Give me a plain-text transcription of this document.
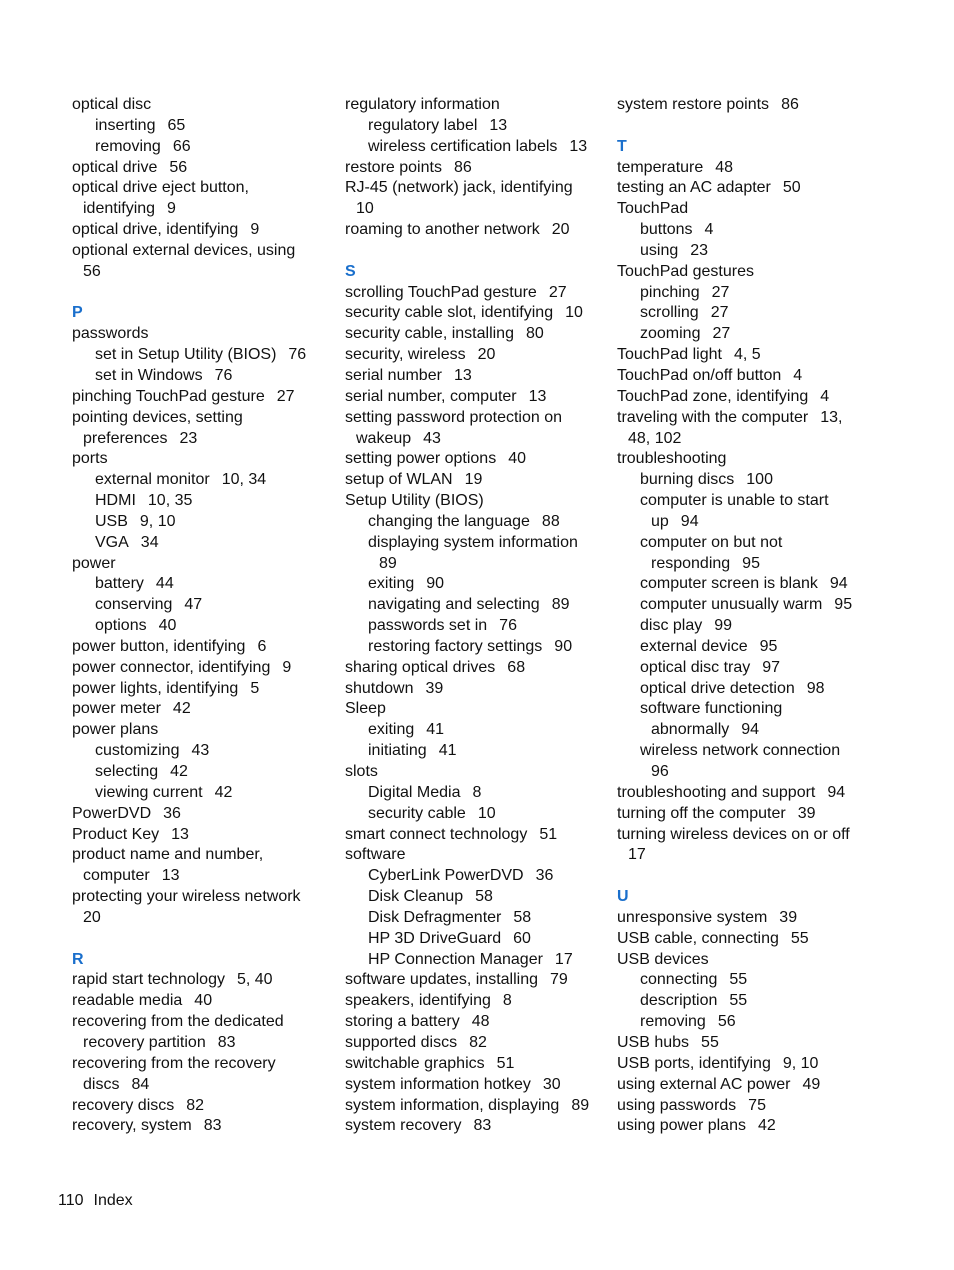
optical disc
inserting 65
removing 66
optical drive 56
optical drive eject button,
identifying 9
optical drive, identifying 9
optional external devices, using
56
P
passwords
set in Setup Utility (BIOS) 76
set in Windows 76
pinching TouchPad gesture 27
pointing devices, setting
preferences 23
ports
external monitor 10, 34
HDMI 10, 35
USB 9, 10
VGA 34
power
battery 44
conserving 47
options 40
power button, identifying 6
power connector, identifying 9
power lights, identifying 5
power meter 42
power plans
customizing 43
selecting 42
viewing current 42
PowerDVD 36
Product Key 13
product name and number,
computer 13
protecting your wireless network
20
R
rapid start technology 5, 40
readable media 40
recovering from the dedicated
recovery partition 83
recovering from the recovery
discs 84
recovery discs 82
recovery, system 83
regulatory information
regulatory label 13
wireless certification labels 13
restore points 86
RJ-45 (network) jack, identifying
10
roaming to another network 20
S
scrolling TouchPad gesture 27
security cable slot, identifying 10
security cable, installing 80
security, wireless 20
serial number 13
serial number, computer 13
setting password protection on
wakeup 43
setting power options 40
setup of WLAN 19
Setup Utility (BIOS)
changing the language 88
displaying system information
89
exiting 90
navigating and selecting 89
passwords set in 76
restoring factory settings 90
sharing optical drives 68
shutdown 39
Sleep
exiting 41
initiating 41
slots
Digital Media 8
security cable 10
smart connect technology 51
software
CyberLink PowerDVD 36
Disk Cleanup 58
Disk Defragmenter 58
HP 3D DriveGuard 60
HP Connection Manager 17
software updates, installing 79
speakers, identifying 8
storing a battery 48
supported discs 82
switchable graphics 51
system information hotkey 30
system information, displaying 89
system recovery 83
system restore points 86
T
temperature 48
testing an AC adapter 50
TouchPad
buttons 4
using 23
TouchPad gestures
pinching 27
scrolling 27
zooming 27
TouchPad light 4, 5
TouchPad on/off button 4
TouchPad zone, identifying 4
traveling with the computer 13,
48, 102
troubleshooting
burning discs 100
computer is unable to start
up 94
computer on but not
responding 95
computer screen is blank 94
computer unusually warm 95
disc play 99
external device 95
optical disc tray 97
optical drive detection 98
software functioning
abnormally 94
wireless network connection
96
troubleshooting and support 94
turning off the computer 39
turning wireless devices on or off
17
U
unresponsive system 39
USB cable, connecting 55
USB devices
connecting 55
description 55
removing 56
USB hubs 55
USB ports, identifying 9, 10
using external AC power 49
using passwords 75
using power plans 42
110 Index
